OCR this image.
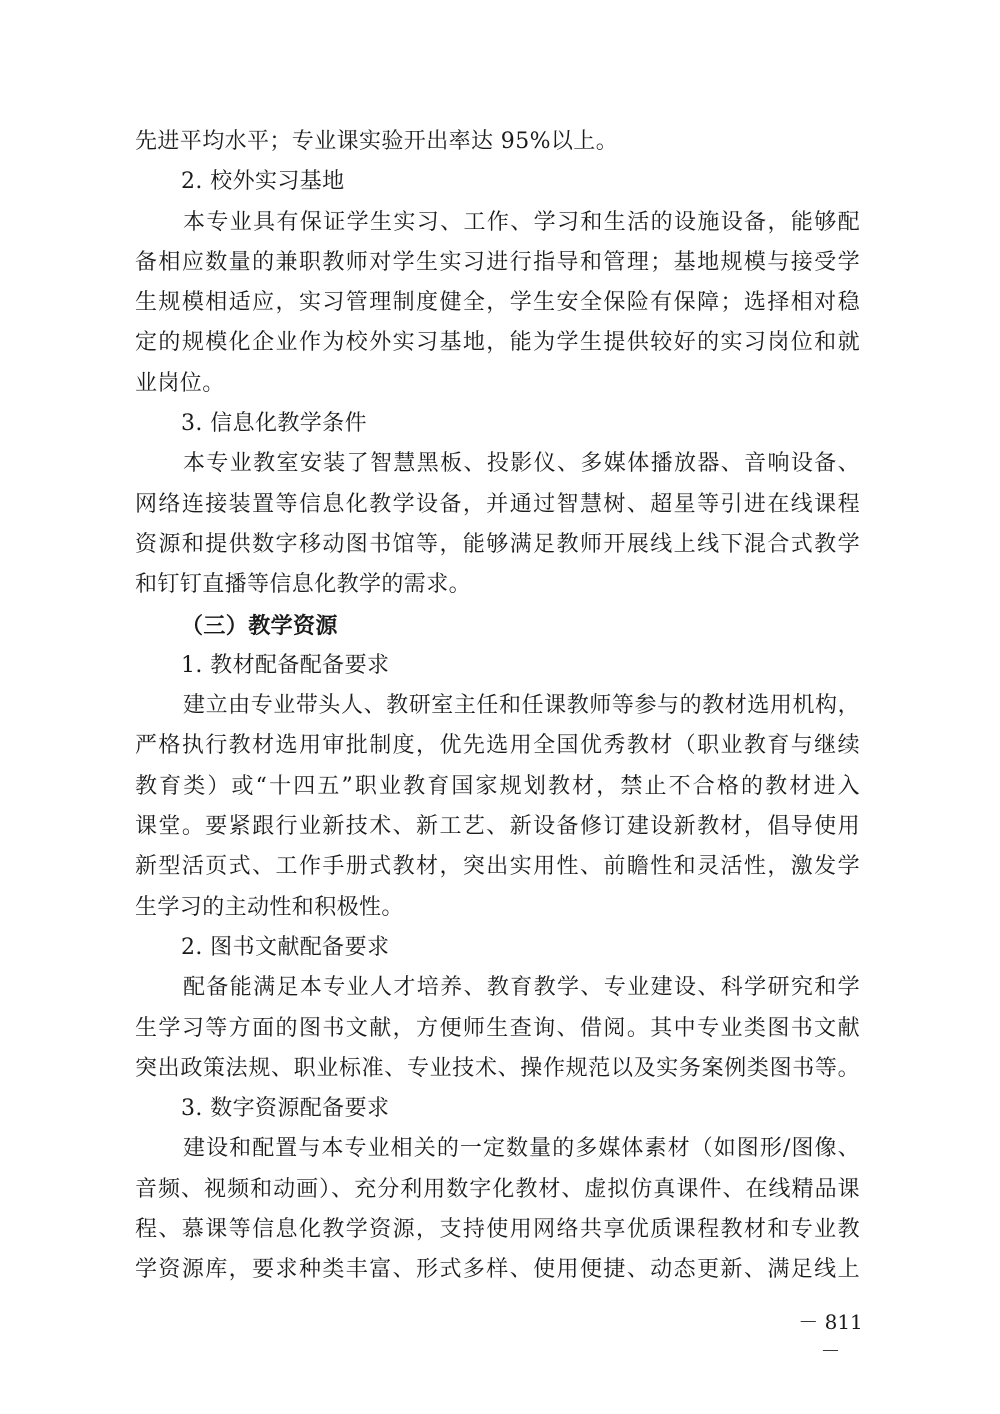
先进平均水平；专业课实验开出率达 95%以上。
2. 校外实习基地
本专业具有保证学生实习、工作、学习和生活的设施设备，能够配
备相应数量的兼职教师对学生实习进行指导和管理；基地规模与接受学
生规模相适应，实习管理制度健全，学生安全保险有保障；选择相对稳
定的规模化企业作为校外实习基地，能为学生提供较好的实习岗位和就
业岗位。
3. 信息化教学条件
本专业教室安装了智慧黑板、投影仪、多媒体播放器、音响设备、
网络连接装置等信息化教学设备，并通过智慧树、超星等引进在线课程
资源和提供数字移动图书馆等，能够满足教师开展线上线下混合式教学
和钉钉直播等信息化教学的需求。
（三）教学资源
1. 教材配备配备要求
建立由专业带头人、教研室主任和任课教师等参与的教材选用机构，
严格执行教材选用审批制度，优先选用全国优秀教材（职业教育与继续
教育类）或“十四五”职业教育国家规划教材，禁止不合格的教材进入
课堂。要紧跟行业新技术、新工艺、新设备修订建设新教材，倡导使用
新型活页式、工作手册式教材，突出实用性、前瞻性和灵活性，激发学
生学习的主动性和积极性。
2. 图书文献配备要求
配备能满足本专业人才培养、教育教学、专业建设、科学研究和学
生学习等方面的图书文献，方便师生查询、借阅。其中专业类图书文献
突出政策法规、职业标准、专业技术、操作规范以及实务案例类图书等。
3. 数字资源配备要求
建设和配置与本专业相关的一定数量的多媒体素材（如图形/图像、
音频、视频和动画）、充分利用数字化教材、虚拟仿真课件、在线精品课
程、慕课等信息化教学资源，支持使用网络共享优质课程教材和专业教
学资源库，要求种类丰富、形式多样、使用便捷、动态更新、满足线上
－ 811 －
